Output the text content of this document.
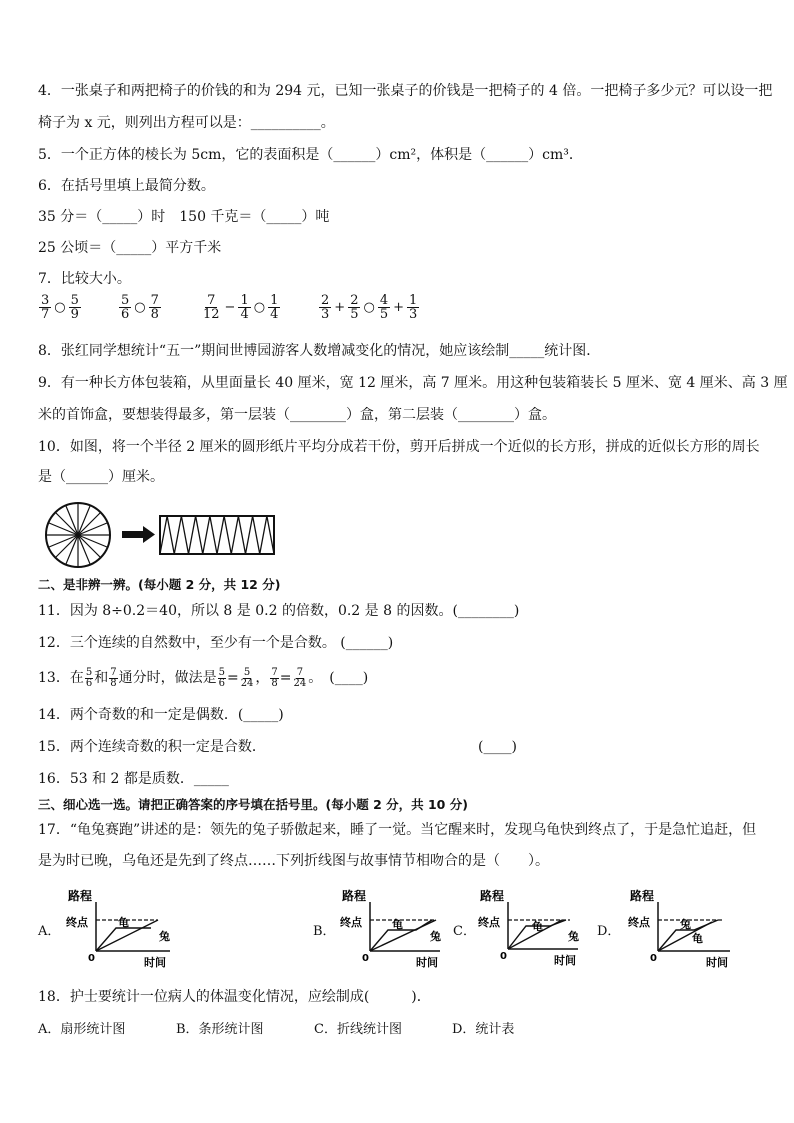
4．一张桌子和两把椅子的价钱的和为 294 元，已知一张桌子的价钱是一把椅子的 4 倍。一把椅子多少元？可以设一把
椅子为 x 元，则列出方程可以是：__________。
5．一个正方体的棱长为 5cm，它的表面积是（______）cm²，体积是（______）cm³．
6．在括号里填上最简分数。
35 分＝（_____）时　150 千克＝（_____）吨
25 公顷＝（_____）平方千米
7．比较大小。
$\frac{3}{7}$ ○ $\frac{5}{9}$	$\frac{5}{6}$ ○ $\frac{7}{8}$	$\frac{7}{12} - \frac{1}{4}$ ○ $\frac{1}{4}$	$\frac{2}{3} + \frac{2}{5}$ ○ $\frac{4}{5} + \frac{1}{3}$
8．张红同学想统计“五一”期间世博园游客人数增减变化的情况，她应该绘制_____统计图．
9．有一种长方体包装箱，从里面量长 40 厘米，宽 12 厘米，高 7 厘米。用这种包装箱装长 5 厘米、宽 4 厘米、高 3 厘
米的首饰盒，要想装得最多，第一层装（________）盒，第二层装（________）盒。
10．如图，将一个半径 2 厘米的圆形纸片平均分成若干份，剪开后拼成一个近似的长方形，拼成的近似长方形的周长
是（______）厘米。
二、是非辨一辨。(每小题 2 分，共 12 分)
11．因为 8÷0.2＝40，所以 8 是 0.2 的倍数，0.2 是 8 的因数。(________)
12．三个连续的自然数中，至少有一个是合数。 (______)
13．在 5
6 和 7
8 通分时，做法是 $\frac{5}{6} = \frac{5}{24}$ ， $\frac{7}{8} = \frac{7}{24}$ 。　(____)
14．两个奇数的和一定是偶数．(_____)
15．两个连续奇数的积一定是合数．	(____)
16．53 和 2 都是质数．_____
三、细心选一选。请把正确答案的序号填在括号里。(每小题 2 分，共 10 分)
17．“龟兔赛跑”讲述的是：领先的兔子骄傲起来，睡了一觉。当它醒来时，发现乌龟快到终点了，于是急忙追赶，但
是为时已晚，乌龟还是先到了终点……下列折线图与故事情节相吻合的是（　　）。
A．	B．	C．	D．
路程
终点
0	时间
龟
兔
路程
终点
0	时间
龟
兔
路程
终点
0	时间
龟
兔
路程
终点
0	时间
兔
龟
18．护士要统计一位病人的体温变化情况，应绘制成(　　　)．
A．扇形统计图	B．条形统计图	C．折线统计图	D．统计表
